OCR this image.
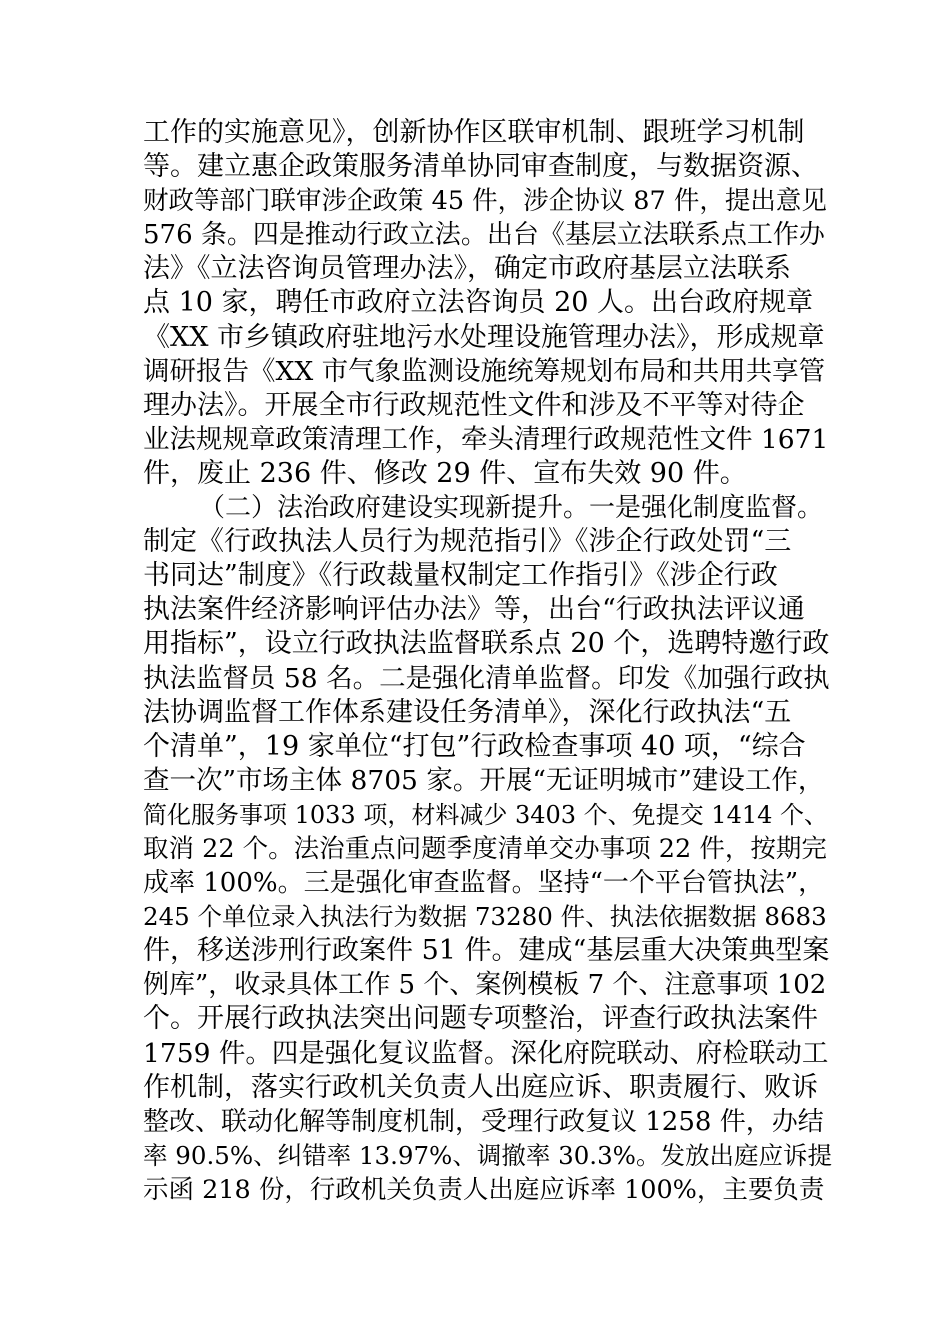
工作的实施意见》，创新协作区联审机制、跟班学习机制
等。建立惠企政策服务清单协同审查制度，与数据资源、
财政等部门联审涉企政策 45 件，涉企协议 87 件，提出意见
576 条。四是推动行政立法。出台《基层立法联系点工作办
法》《立法咨询员管理办法》，确定市政府基层立法联系
点 10 家，聘任市政府立法咨询员 20 人。出台政府规章
《XX 市乡镇政府驻地污水处理设施管理办法》，形成规章
调研报告《XX 市气象监测设施统筹规划布局和共用共享管
理办法》。开展全市行政规范性文件和涉及不平等对待企
业法规规章政策清理工作，牵头清理行政规范性文件 1671
件，废止 236 件、修改 29 件、宣布失效 90 件。
（二）法治政府建设实现新提升。一是强化制度监督。
制定《行政执法人员行为规范指引》《涉企行政处罚“三
书同达”制度》《行政裁量权制定工作指引》《涉企行政
执法案件经济影响评估办法》等，出台“行政执法评议通
用指标”，设立行政执法监督联系点 20 个，选聘特邀行政
执法监督员 58 名。二是强化清单监督。印发《加强行政执
法协调监督工作体系建设任务清单》，深化行政执法“五
个清单”，19 家单位“打包”行政检查事项 40 项，“综合
查一次”市场主体 8705 家。开展“无证明城市”建设工作，
简化服务事项 1033 项，材料减少 3403 个、免提交 1414 个、
取消 22 个。法治重点问题季度清单交办事项 22 件，按期完
成率 100%。三是强化审查监督。坚持“一个平台管执法”，
245 个单位录入执法行为数据 73280 件、执法依据数据 8683
件，移送涉刑行政案件 51 件。建成“基层重大决策典型案
例库”，收录具体工作 5 个、案例模板 7 个、注意事项 102
个。开展行政执法突出问题专项整治，评查行政执法案件
1759 件。四是强化复议监督。深化府院联动、府检联动工
作机制，落实行政机关负责人出庭应诉、职责履行、败诉
整改、联动化解等制度机制，受理行政复议 1258 件，办结
率 90.5%、纠错率 13.97%、调撤率 30.3%。发放出庭应诉提
示函 218 份，行政机关负责人出庭应诉率 100%，主要负责
